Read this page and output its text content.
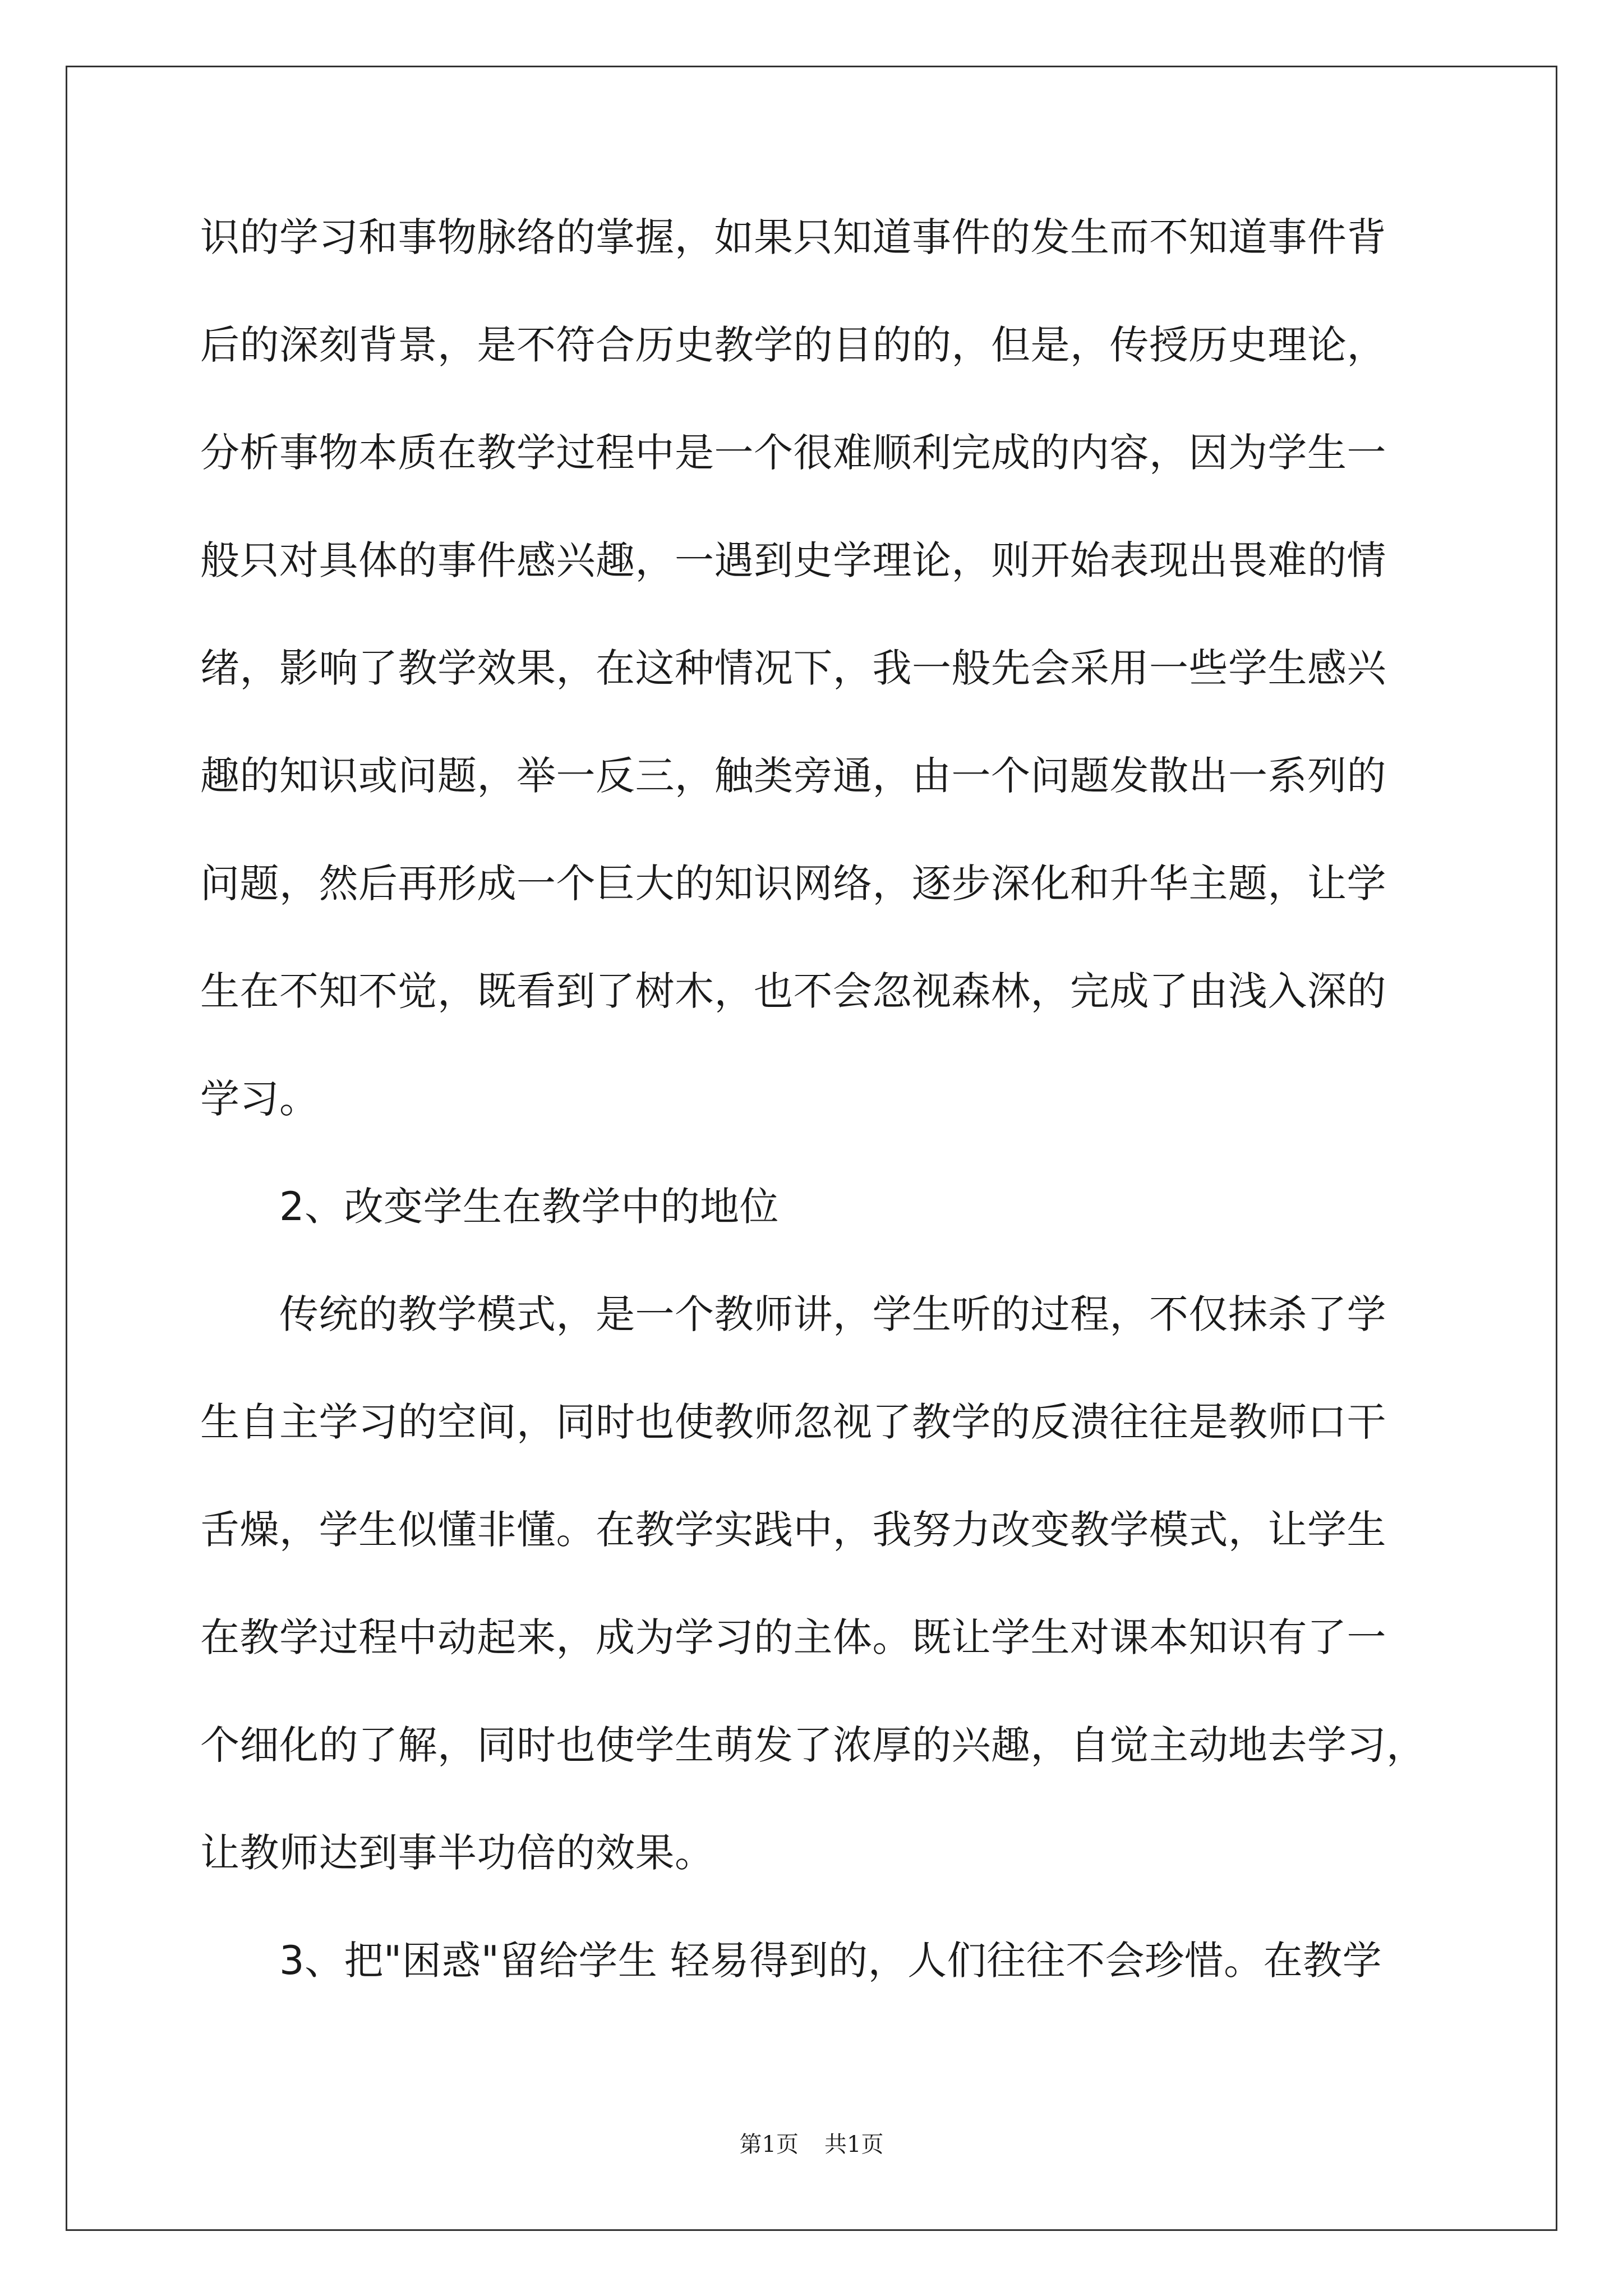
识的学习和事物脉络的掌握，如果只知道事件的发生而不知道事件背
后的深刻背景，是不符合历史教学的目的的，但是，传授历史理论，
分析事物本质在教学过程中是一个很难顺利完成的内容，因为学生一
般只对具体的事件感兴趣，一遇到史学理论，则开始表现出畏难的情
绪，影响了教学效果，在这种情况下，我一般先会采用一些学生感兴
趣的知识或问题，举一反三，触类旁通，由一个问题发散出一系列的
问题，然后再形成一个巨大的知识网络，逐步深化和升华主题，让学
生在不知不觉，既看到了树木，也不会忽视森林，完成了由浅入深的
学习。
　　2、改变学生在教学中的地位
　　传统的教学模式，是一个教师讲，学生听的过程，不仅抹杀了学
生自主学习的空间，同时也使教师忽视了教学的反溃往往是教师口干
舌燥，学生似懂非懂。在教学实践中，我努力改变教学模式，让学生
在教学过程中动起来，成为学习的主体。既让学生对课本知识有了一
个细化的了解，同时也使学生萌发了浓厚的兴趣，自觉主动地去学习，
让教师达到事半功倍的效果。
　　3、把"困惑"留给学生 轻易得到的，人们往往不会珍惜。在教学
第1页 共1页
